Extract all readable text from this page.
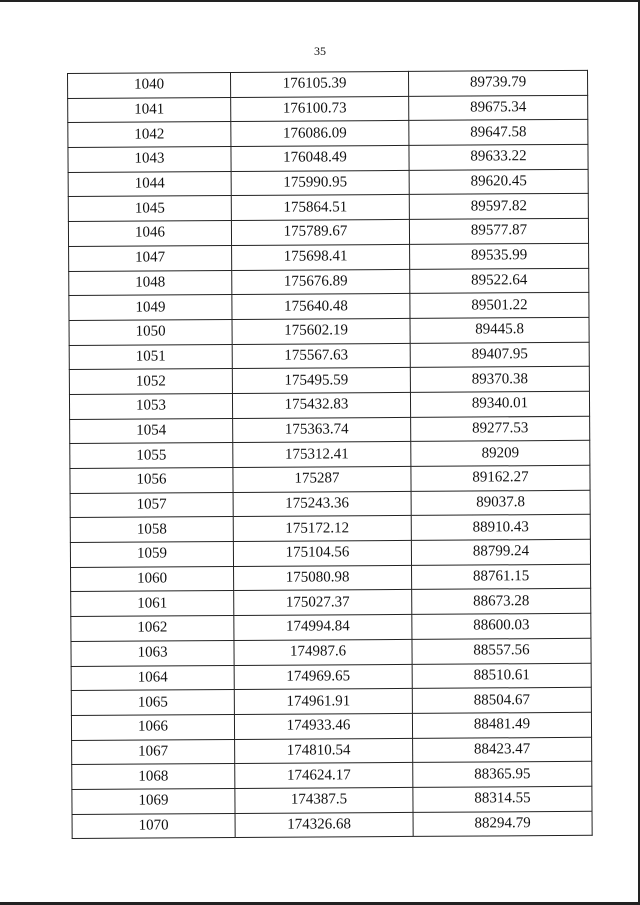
35
1040	176105.39	89739.79
1041	176100.73	89675.34
1042	176086.09	89647.58
1043	176048.49	89633.22
1044	175990.95	89620.45
1045	175864.51	89597.82
1046	175789.67	89577.87
1047	175698.41	89535.99
1048	175676.89	89522.64
1049	175640.48	89501.22
1050	175602.19	89445.8
1051	175567.63	89407.95
1052	175495.59	89370.38
1053	175432.83	89340.01
1054	175363.74	89277.53
1055	175312.41	89209
1056	175287	89162.27
1057	175243.36	89037.8
1058	175172.12	88910.43
1059	175104.56	88799.24
1060	175080.98	88761.15
1061	175027.37	88673.28
1062	174994.84	88600.03
1063	174987.6	88557.56
1064	174969.65	88510.61
1065	174961.91	88504.67
1066	174933.46	88481.49
1067	174810.54	88423.47
1068	174624.17	88365.95
1069	174387.5	88314.55
1070	174326.68	88294.79
